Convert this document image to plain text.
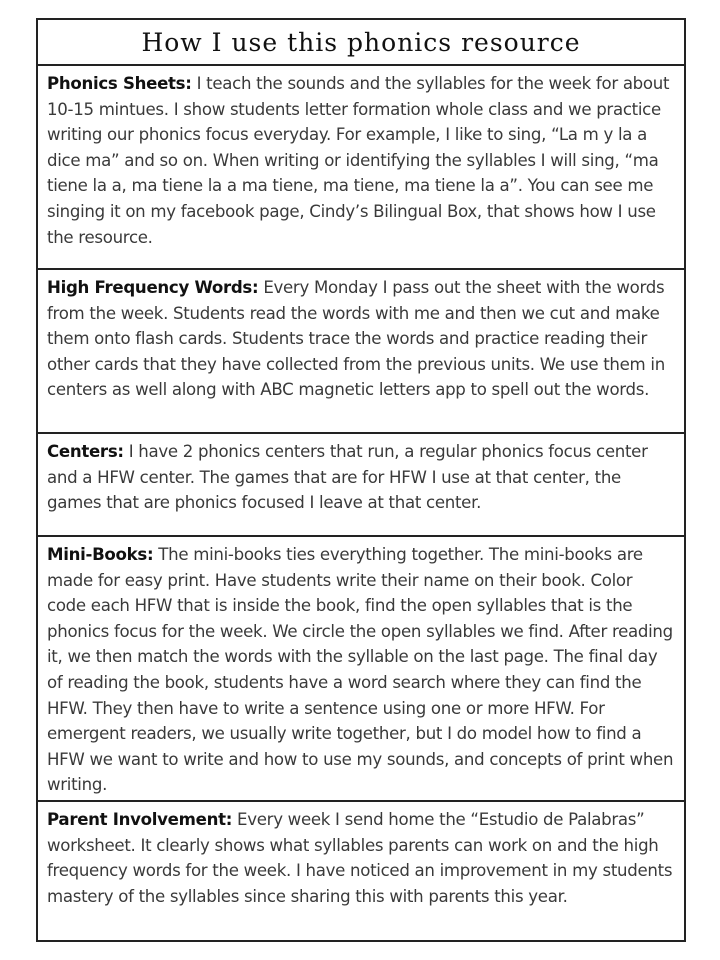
How I use this phonics resource

Phonics Sheets: I teach the sounds and the syllables for the week for about 10-15 mintues. I show students letter formation whole class and we practice writing our phonics focus everyday. For example, I like to sing, “La m y la a dice ma” and so on. When writing or identifying the syllables I will sing, “ma tiene la a, ma tiene la a ma tiene, ma tiene, ma tiene la a”. You can see me singing it on my facebook page, Cindy’s Bilingual Box, that shows how I use the resource.

High Frequency Words: Every Monday I pass out the sheet with the words from the week. Students read the words with me and then we cut and make them onto flash cards. Students trace the words and practice reading their other cards that they have collected from the previous units. We use them in centers as well along with ABC magnetic letters app to spell out the words.

Centers: I have 2 phonics centers that run, a regular phonics focus center and a HFW center. The games that are for HFW I use at that center, the games that are phonics focused I leave at that center.

Mini-Books: The mini-books ties everything together. The mini-books are made for easy print. Have students write their name on their book. Color code each HFW that is inside the book, find the open syllables that is the phonics focus for the week. We circle the open syllables we find. After reading it, we then match the words with the syllable on the last page. The final day of reading the book, students have a word search where they can find the HFW. They then have to write a sentence using one or more HFW. For emergent readers, we usually write together, but I do model how to find a HFW we want to write and how to use my sounds, and concepts of print when writing.

Parent Involvement: Every week I send home the “Estudio de Palabras” worksheet. It clearly shows what syllables parents can work on and the high frequency words for the week. I have noticed an improvement in my students mastery of the syllables since sharing this with parents this year.
